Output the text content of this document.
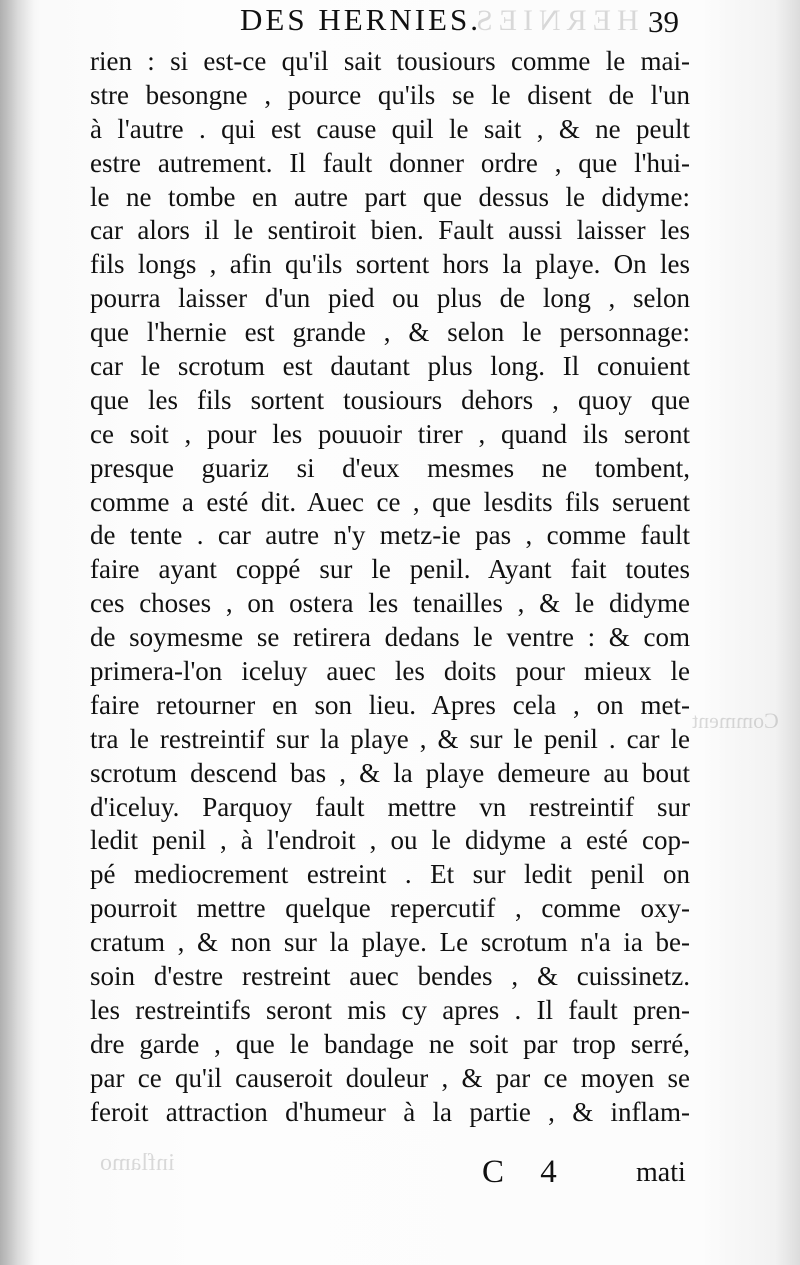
HERNIES
Comment
inflamo
DES HERNIES.	39
rien : si est-ce qu'il sait tousiours comme le mai-
stre besongne , pource qu'ils se le disent de l'un
à l'autre . qui est cause quil le sait , & ne peult
estre autrement. Il fault donner ordre , que l'hui-
le ne tombe en autre part que dessus le didyme:
car alors il le sentiroit bien. Fault aussi laisser les
fils longs , afin qu'ils sortent hors la playe. On les
pourra laisser d'un pied ou plus de long , selon
que l'hernie est grande , & selon le personnage:
car le scrotum est dautant plus long. Il conuient
que les fils sortent tousiours dehors , quoy que
ce soit , pour les pouuoir tirer , quand ils seront
presque guariz si d'eux mesmes ne tombent,
comme a esté dit. Auec ce , que lesdits fils seruent
de tente . car autre n'y metz-ie pas , comme fault
faire ayant coppé sur le penil. Ayant fait toutes
ces choses , on ostera les tenailles , & le didyme
de soymesme se retirera dedans le ventre : & com
primera-l'on iceluy auec les doits pour mieux le
faire retourner en son lieu. Apres cela , on met-
tra le restreintif sur la playe , & sur le penil . car le
scrotum descend bas , & la playe demeure au bout
d'iceluy. Parquoy fault mettre vn restreintif sur
ledit penil , à l'endroit , ou le didyme a esté cop-
pé mediocrement estreint . Et sur ledit penil on
pourroit mettre quelque repercutif , comme oxy-
cratum , & non sur la playe. Le scrotum n'a ia be-
soin d'estre restreint auec bendes , & cuissinetz.
les restreintifs seront mis cy apres . Il fault pren-
dre garde , que le bandage ne soit par trop serré,
par ce qu'il causeroit douleur , & par ce moyen se
feroit attraction d'humeur à la partie , & inflam-
C 4 mati
